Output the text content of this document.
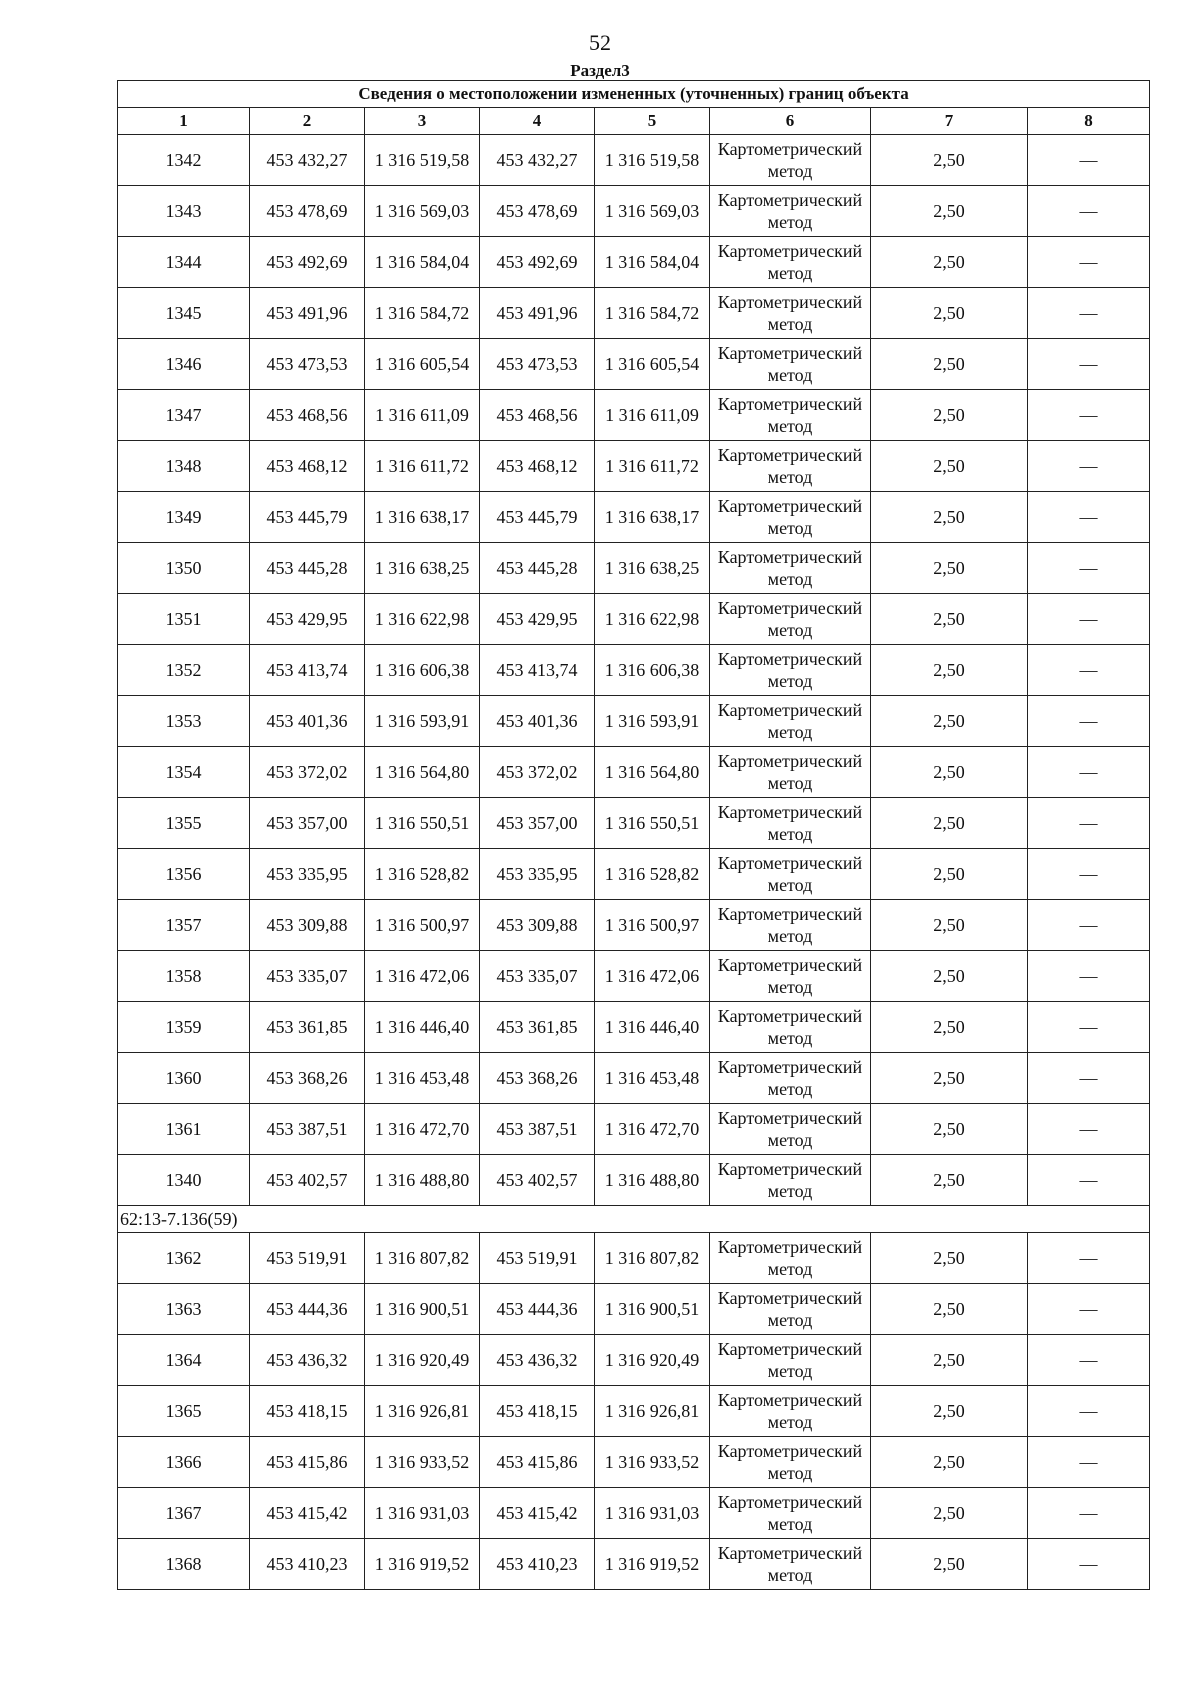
52
Раздел3
Сведения о местоположении измененных (уточненных) границ объекта							
1	2	3	4	5	6	7	8
1342	453 432,27	1 316 519,58	453 432,27	1 316 519,58	Картометрический метод	2,50	—
1343	453 478,69	1 316 569,03	453 478,69	1 316 569,03	Картометрический метод	2,50	—
1344	453 492,69	1 316 584,04	453 492,69	1 316 584,04	Картометрический метод	2,50	—
1345	453 491,96	1 316 584,72	453 491,96	1 316 584,72	Картометрический метод	2,50	—
1346	453 473,53	1 316 605,54	453 473,53	1 316 605,54	Картометрический метод	2,50	—
1347	453 468,56	1 316 611,09	453 468,56	1 316 611,09	Картометрический метод	2,50	—
1348	453 468,12	1 316 611,72	453 468,12	1 316 611,72	Картометрический метод	2,50	—
1349	453 445,79	1 316 638,17	453 445,79	1 316 638,17	Картометрический метод	2,50	—
1350	453 445,28	1 316 638,25	453 445,28	1 316 638,25	Картометрический метод	2,50	—
1351	453 429,95	1 316 622,98	453 429,95	1 316 622,98	Картометрический метод	2,50	—
1352	453 413,74	1 316 606,38	453 413,74	1 316 606,38	Картометрический метод	2,50	—
1353	453 401,36	1 316 593,91	453 401,36	1 316 593,91	Картометрический метод	2,50	—
1354	453 372,02	1 316 564,80	453 372,02	1 316 564,80	Картометрический метод	2,50	—
1355	453 357,00	1 316 550,51	453 357,00	1 316 550,51	Картометрический метод	2,50	—
1356	453 335,95	1 316 528,82	453 335,95	1 316 528,82	Картометрический метод	2,50	—
1357	453 309,88	1 316 500,97	453 309,88	1 316 500,97	Картометрический метод	2,50	—
1358	453 335,07	1 316 472,06	453 335,07	1 316 472,06	Картометрический метод	2,50	—
1359	453 361,85	1 316 446,40	453 361,85	1 316 446,40	Картометрический метод	2,50	—
1360	453 368,26	1 316 453,48	453 368,26	1 316 453,48	Картометрический метод	2,50	—
1361	453 387,51	1 316 472,70	453 387,51	1 316 472,70	Картометрический метод	2,50	—
1340	453 402,57	1 316 488,80	453 402,57	1 316 488,80	Картометрический метод	2,50	—
62:13-7.136(59)							
1362	453 519,91	1 316 807,82	453 519,91	1 316 807,82	Картометрический метод	2,50	—
1363	453 444,36	1 316 900,51	453 444,36	1 316 900,51	Картометрический метод	2,50	—
1364	453 436,32	1 316 920,49	453 436,32	1 316 920,49	Картометрический метод	2,50	—
1365	453 418,15	1 316 926,81	453 418,15	1 316 926,81	Картометрический метод	2,50	—
1366	453 415,86	1 316 933,52	453 415,86	1 316 933,52	Картометрический метод	2,50	—
1367	453 415,42	1 316 931,03	453 415,42	1 316 931,03	Картометрический метод	2,50	—
1368	453 410,23	1 316 919,52	453 410,23	1 316 919,52	Картометрический метод	2,50	—
